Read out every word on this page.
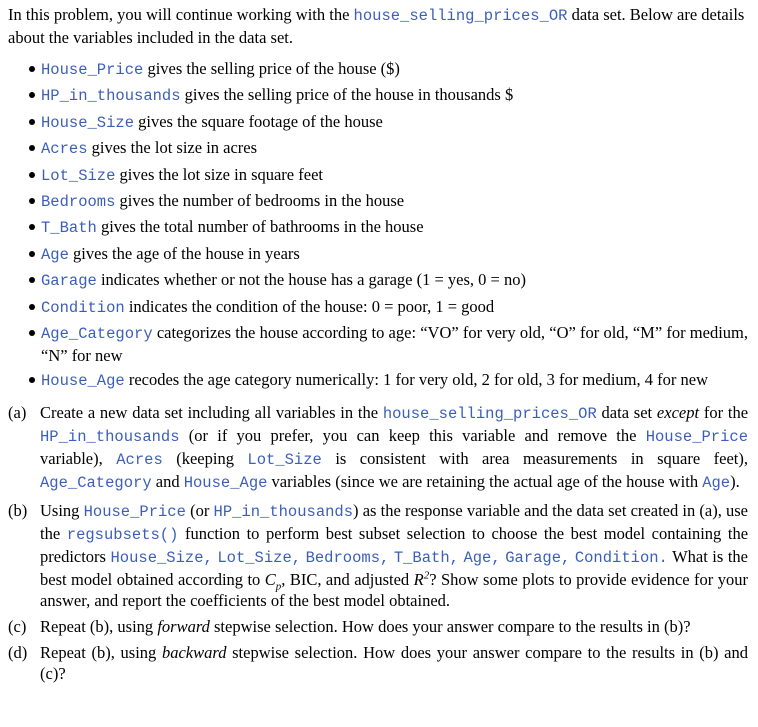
In this problem, you will continue working with the house_selling_prices_OR data set. Below are details about the variables included in the data set.

House_Price gives the selling price of the house ($)
HP_in_thousands gives the selling price of the house in thousands $
House_Size gives the square footage of the house
Acres gives the lot size in acres
Lot_Size gives the lot size in square feet
Bedrooms gives the number of bedrooms in the house
T_Bath gives the total number of bathrooms in the house
Age gives the age of the house in years
Garage indicates whether or not the house has a garage (1 = yes, 0 = no)
Condition indicates the condition of the house: 0 = poor, 1 = good
Age_Category categorizes the house according to age: “VO” for very old, “O” for old, “M” for medium, “N” for new
House_Age recodes the age category numerically: 1 for very old, 2 for old, 3 for medium, 4 for new
(a) Create a new data set including all variables in the house_selling_prices_OR data set except for the HP_in_thousands (or if you prefer, you can keep this variable and remove the House_Price variable), Acres (keeping Lot_Size is consistent with area measurements in square feet), Age_Category and House_Age variables (since we are retaining the actual age of the house with Age).
(b) Using House_Price (or HP_in_thousands) as the response variable and the data set created in (a), use the regsubsets() function to perform best subset selection to choose the best model containing the predictors House_Size, Lot_Size, Bedrooms, T_Bath, Age, Garage, Condition. What is the best model obtained according to $C_p$, BIC, and adjusted $R^2$? Show some plots to provide evidence for your answer, and report the coefficients of the best model obtained.
(c) Repeat (b), using forward stepwise selection. How does your answer compare to the results in (b)?
(d) Repeat (b), using backward stepwise selection. How does your answer compare to the results in (b) and (c)?
